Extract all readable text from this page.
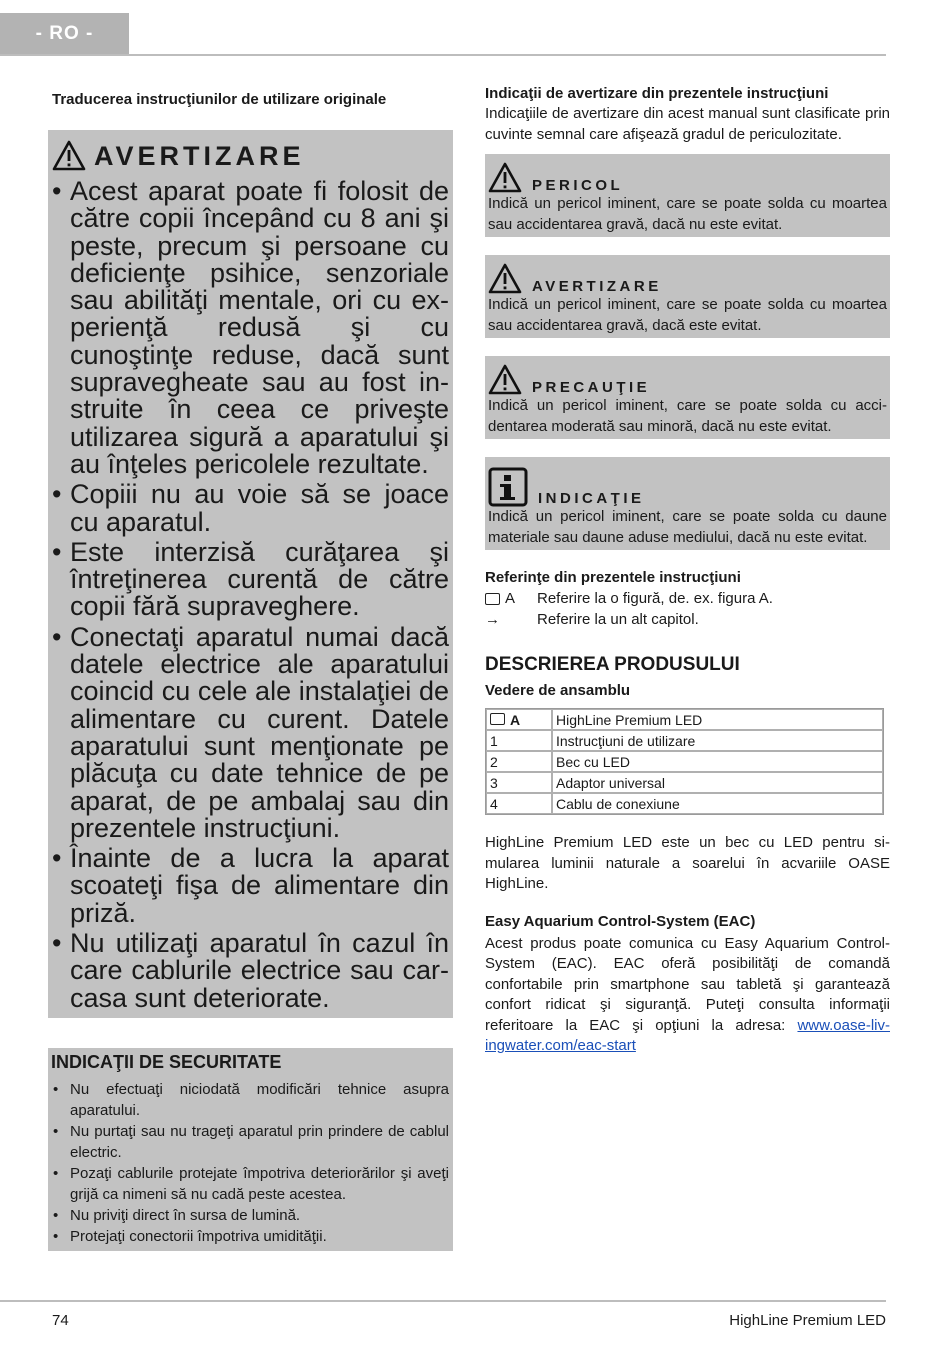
- RO -

Traducerea instrucţiunilor de utilizare originale

AVERTIZARE
• Acest aparat poate fi folosit de către copii începând cu 8 ani şi peste, precum şi persoane cu deficienţe psihice, senzoriale sau abilităţi mentale, ori cu experienţă redusă şi cu cunoştinţe reduse, dacă sunt supravegheate sau au fost instruite în ceea ce priveşte utilizarea sigură a aparatului şi au înţeles pericolele rezultate.
• Copiii nu au voie să se joace cu aparatul.
• Este interzisă curăţarea şi întreţinerea curentă de către copii fără supraveghere.
• Conectaţi aparatul numai dacă datele electrice ale aparatului coincid cu cele ale instalaţiei de alimentare cu curent. Datele aparatului sunt menţionate pe plăcuţa cu date tehnice de pe aparat, de pe ambalaj sau din prezentele instrucţiuni.
• Înainte de a lucra la aparat scoateţi fişa de alimentare din priză.
• Nu utilizaţi aparatul în cazul în care cablurile electrice sau carcasa sunt deteriorate.
INDICAŢII DE SECURITATE
• Nu efectuaţi niciodată modificări tehnice asupra aparatului.
• Nu purtaţi sau nu trageţi aparatul prin prindere de cablul electric.
• Pozaţi cablurile protejate împotriva deteriorărilor şi aveţi grijă ca nimeni să nu cadă peste acestea.
• Nu priviţi direct în sursa de lumină.
• Protejaţi conectorii împotriva umidităţii.

Indicaţii de avertizare din prezentele instrucţiuni

Indicaţiile de avertizare din acest manual sunt clasificate prin cuvinte semnal care afişează gradul de periculozitate.

PERICOL

Indică un pericol iminent, care se poate solda cu moartea sau accidentarea gravă, dacă nu este evitat.

AVERTIZARE

Indică un pericol iminent, care se poate solda cu moartea sau accidentarea gravă, dacă este evitat.

PRECAUŢIE

Indică un pericol iminent, care se poate solda cu accidentarea moderată sau minoră, dacă nu este evitat.

INDICAŢIE

Indică un pericol iminent, care se poate solda cu daune materiale sau daune aduse mediului, dacă nu este evitat.

Referinţe din prezentele instrucţiuni

A Referire la o figură, de. ex. figura A.
→	Referire la un alt capitol.
DESCRIEREA PRODUSULUI
Vedere de ansamblu
A	HighLine Premium LED
1	Instrucţiuni de utilizare
2	Bec cu LED
3	Adaptor universal
4	Cablu de conexiune

HighLine Premium LED este un bec cu LED pentru simularea luminii naturale a soarelui în acvariile OASE HighLine.

Easy Aquarium Control-System (EAC)

Acest produs poate comunica cu Easy Aquarium Control-System (EAC). EAC oferă posibilităţi de comandă confortabile prin smartphone sau tabletă şi garantează confort ridicat şi siguranţă. Puteţi consulta informaţii referitoare la EAC şi opţiuni la adresa: www.oase-livingwater.com/eac-start

74	HighLine Premium LED
